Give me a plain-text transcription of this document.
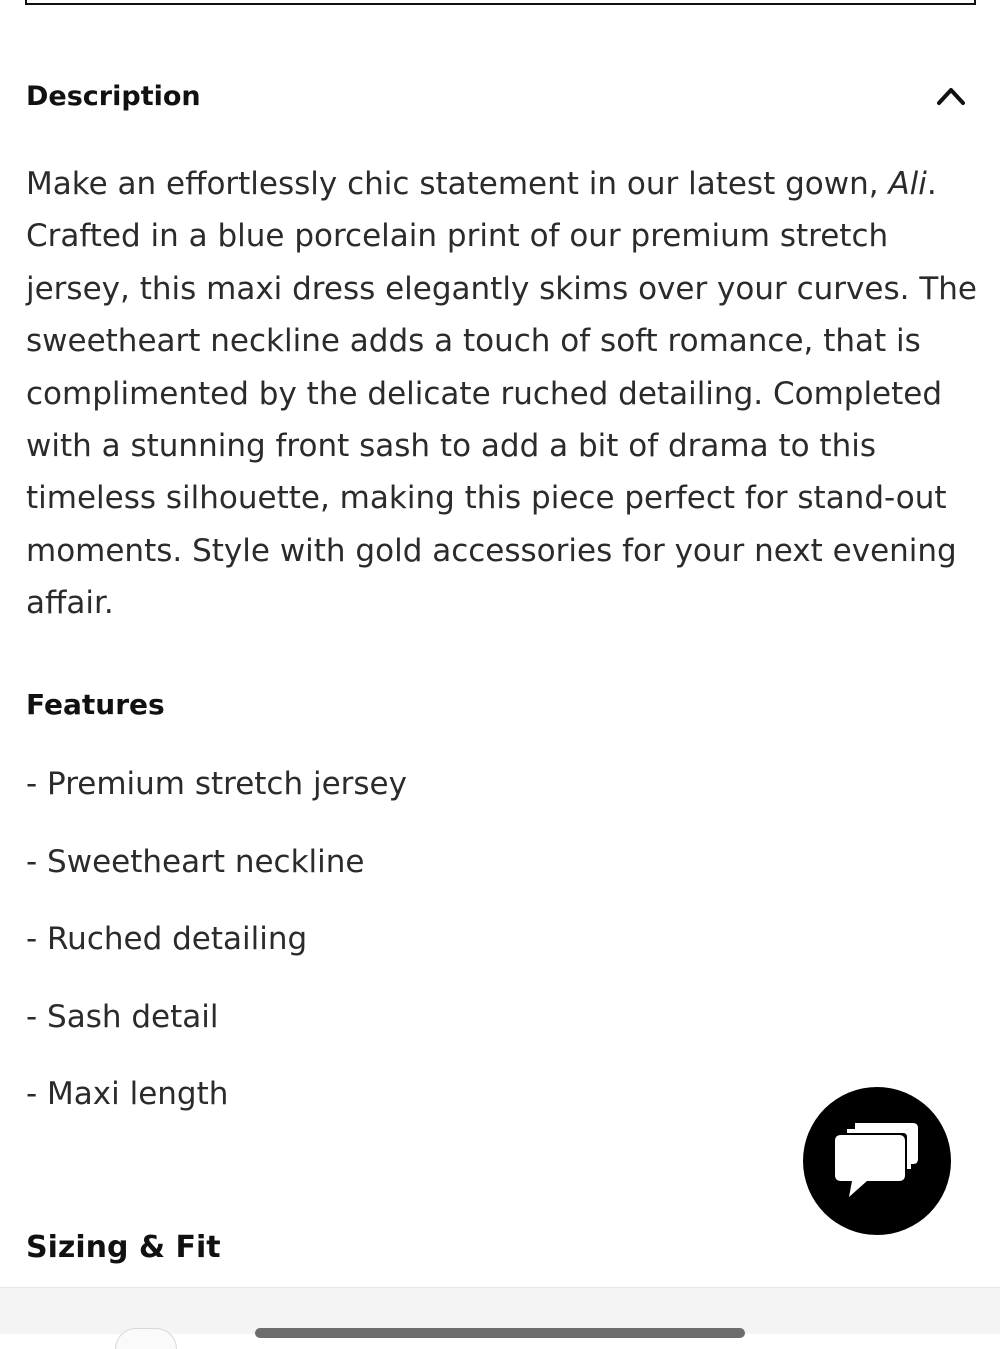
Description
Make an effortlessly chic statement in our latest gown, Ali. Crafted in a blue porcelain print of our premium stretch jersey, this maxi dress elegantly skims over your curves. The sweetheart neckline adds a touch of soft romance, that is complimented by the delicate ruched detailing. Completed with a stunning front sash to add a bit of drama to this timeless silhouette, making this piece perfect for stand-out moments. Style with gold accessories for your next evening affair.
Features
- Premium stretch jersey
- Sweetheart neckline
- Ruched detailing
- Sash detail
- Maxi length
Sizing & Fit
